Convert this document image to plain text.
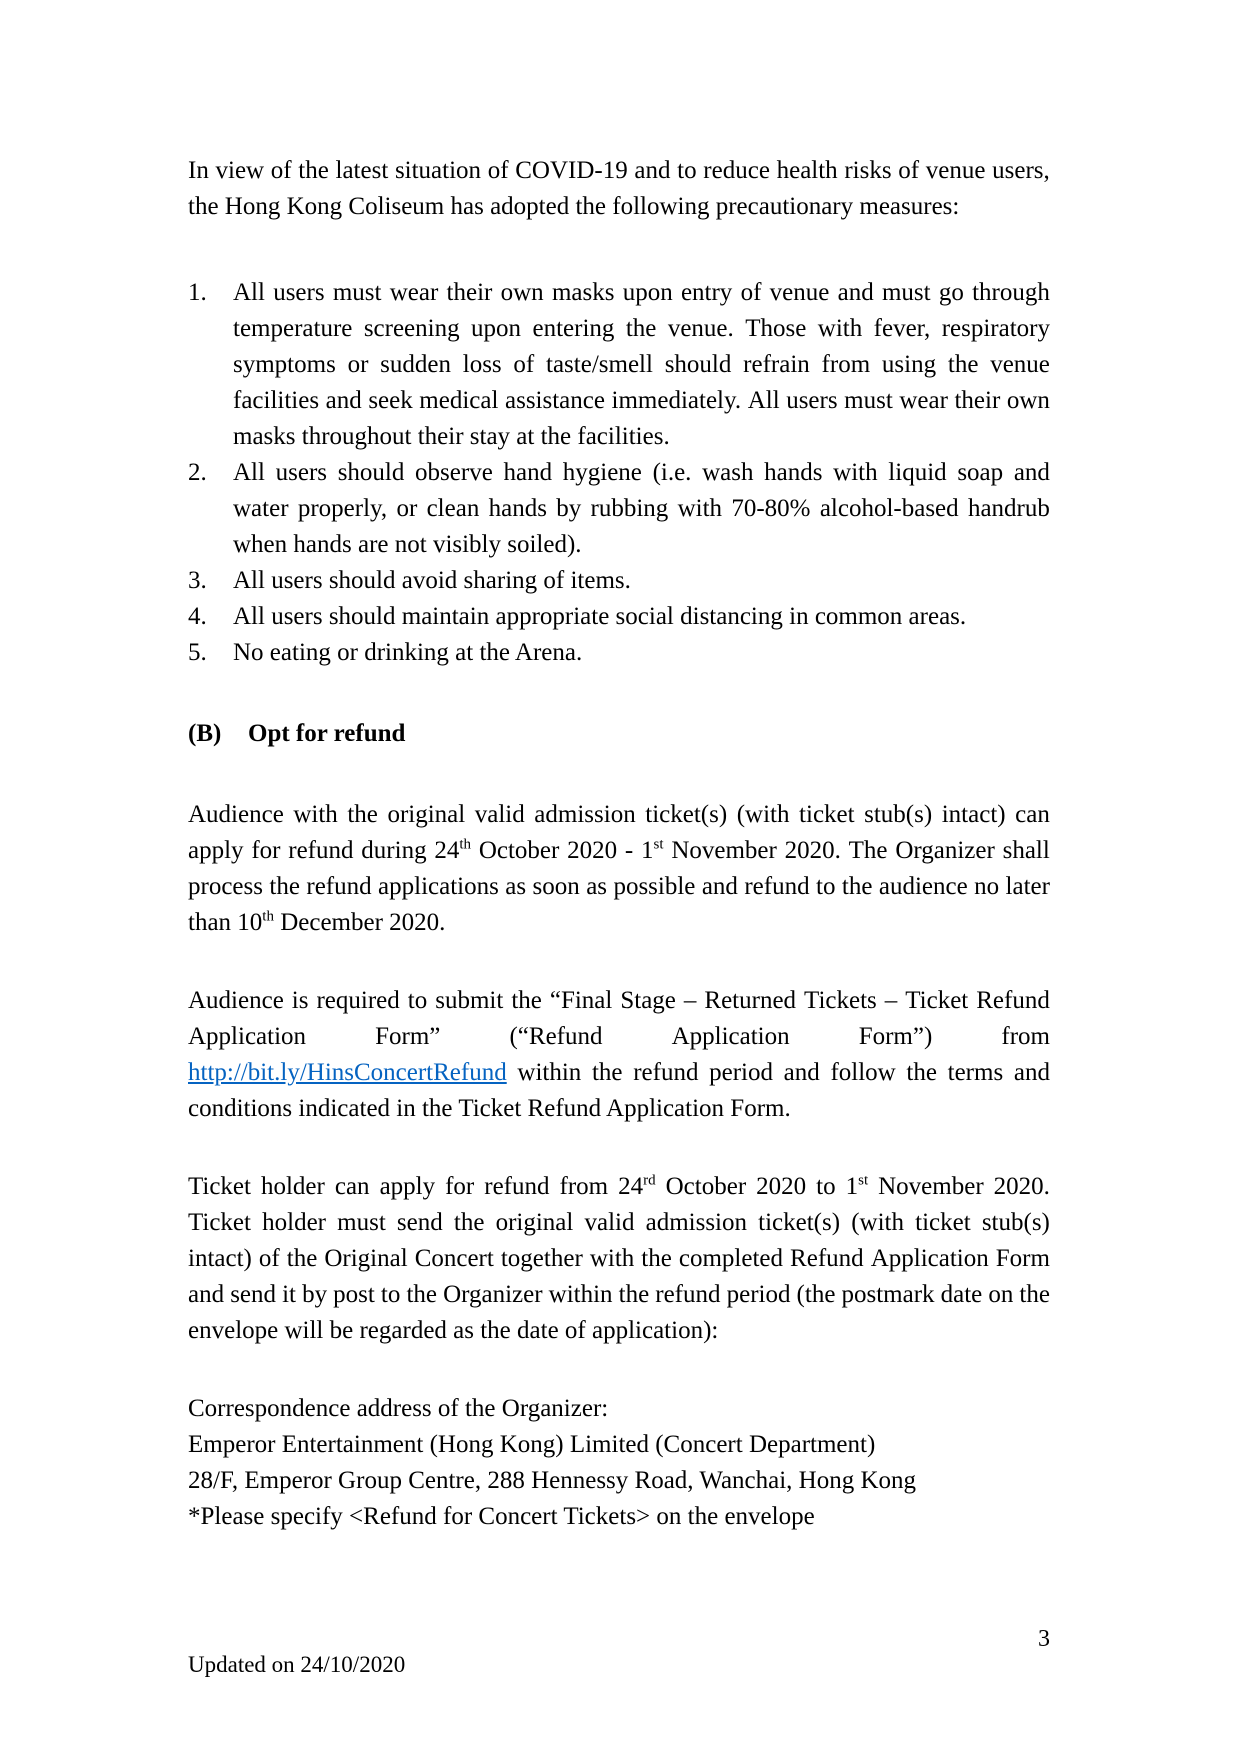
In view of the latest situation of COVID-19 and to reduce health risks of venue users,
the Hong Kong Coliseum has adopted the following precautionary measures:
1.	All users must wear their own masks upon entry of venue and must go through
temperature screening upon entering the venue. Those with fever, respiratory
symptoms or sudden loss of taste/smell should refrain from using the venue
facilities and seek medical assistance immediately. All users must wear their own
masks throughout their stay at the facilities.
2.	All users should observe hand hygiene (i.e. wash hands with liquid soap and
water properly, or clean hands by rubbing with 70-80% alcohol-based handrub
when hands are not visibly soiled).
3.	All users should avoid sharing of items.
4.	All users should maintain appropriate social distancing in common areas.
5.	No eating or drinking at the Arena.
(B) Opt for refund
Audience with the original valid admission ticket(s) (with ticket stub(s) intact) can
apply for refund during 24th October 2020 - 1st November 2020. The Organizer shall
process the refund applications as soon as possible and refund to the audience no later
than 10th December 2020.
Audience is required to submit the “Final Stage – Returned Tickets – Ticket Refund
Application	Form”	(“Refund	Application	Form”)	from
http://bit.ly/HinsConcertRefund within the refund period and follow the terms and
conditions indicated in the Ticket Refund Application Form.
Ticket holder can apply for refund from 24rd October 2020 to 1st November 2020.
Ticket holder must send the original valid admission ticket(s) (with ticket stub(s)
intact) of the Original Concert together with the completed Refund Application Form
and send it by post to the Organizer within the refund period (the postmark date on the
envelope will be regarded as the date of application):
Correspondence address of the Organizer:
Emperor Entertainment (Hong Kong) Limited (Concert Department)
28/F, Emperor Group Centre, 288 Hennessy Road, Wanchai, Hong Kong
*Please specify <Refund for Concert Tickets> on the envelope
3
Updated on 24/10/2020
